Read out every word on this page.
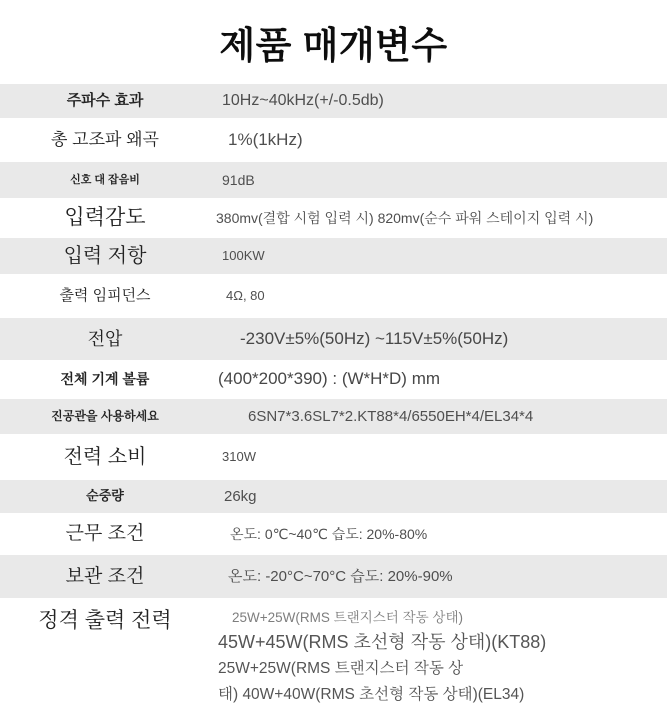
제품 매개변수
주파수 효과	10Hz~40kHz(+/-0.5db)
총 고조파 왜곡	1%(1kHz)
신호 대 잡음비	91dB
입력감도	380mv(결합 시험 입력 시) 820mv(순수 파워 스테이지 입력 시)
입력 저항	100KW
출력 임피던스	4Ω, 80
전압	-230V±5%(50Hz) ~115V±5%(50Hz)
전체 기계 볼륨	(400*200*390) : (W*H*D) mm
진공관을 사용하세요	6SN7*3.6SL7*2.KT88*4/6550EH*4/EL34*4
전력 소비	310W
순중량	26kg
근무 조건	온도: 0℃~40℃ 습도: 20%-80%
보관 조건	온도: -20°C~70°C 습도: 20%-90%
정격 출력 전력	25W+25W(RMS 트랜지스터 작동 상태)
45W+45W(RMS 초선형 작동 상태)(KT88)
25W+25W(RMS 트랜지스터 작동 상
태) 40W+40W(RMS 초선형 작동 상태)(EL34)
